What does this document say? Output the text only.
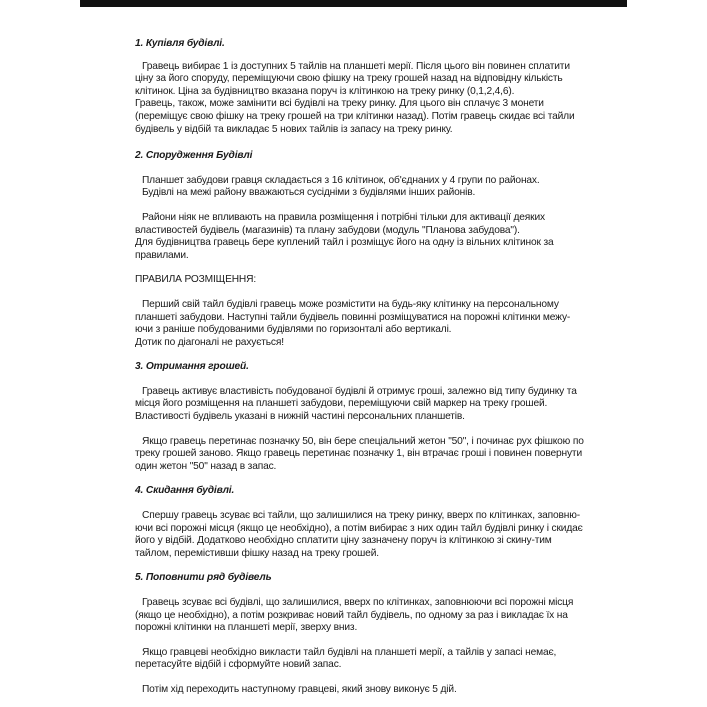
1. Купівля будівлі.

Гравець вибирає 1 із доступних 5 тайлів на планшеті мерії. Після цього він повинен сплатити ціну за його споруду, переміщуючи свою фішку на треку грошей назад на відповідну кількість клітинок. Ціна за будівництво вказана поруч із клітинкою на треку ринку (0,1,2,4,6).

Гравець, також, може замінити всі будівлі на треку ринку. Для цього він сплачує 3 монети (переміщує свою фішку на треку грошей на три клітинки назад). Потім гравець скидає всі тайли будівель у відбій та викладає 5 нових тайлів із запасу на треку ринку.

2. Спорудження Будівлі

Планшет забудови гравця складається з 16 клітинок, об'єднаних у 4 групи по районах.

Будівлі на межі району вважаються сусідніми з будівлями інших районів.

Райони ніяк не впливають на правила розміщення і потрібні тільки для активації деяких властивостей будівель (магазинів) та плану забудови (модуль "Планова забудова").

Для будівництва гравець бере куплений тайл і розміщує його на одну із вільних клітинок за правилами.

ПРАВИЛА РОЗМІЩЕННЯ:

Перший свій тайл будівлі гравець може розмістити на будь-яку клітинку на персональному планшеті забудови. Наступні тайли будівель повинні розміщуватися на порожні клітинки межу-ючи з раніше побудованими будівлями по горизонталі або вертикалі.

Дотик по діагоналі не рахується!

3. Отримання грошей.

Гравець активує властивість побудованої будівлі й отримує гроші, залежно від типу будинку та місця його розміщення на планшеті забудови, переміщуючи свій маркер на треку грошей. Властивості будівель указані в нижній частині персональних планшетів.

Якщо гравець перетинає позначку 50, він бере спеціальний жетон "50", і починає рух фішкою по треку грошей заново. Якщо гравець перетинає позначку 1, він втрачає гроші і повинен повернути один жетон "50" назад в запас.

4. Скидання будівлі.

Спершу гравець зсуває всі тайли, що залишилися на треку ринку, вверх по клітинках, заповню-ючи всі порожні місця (якщо це необхідно), а потім вибирає з них один тайл будівлі ринку і скидає його у відбій. Додатково необхідно сплатити ціну зазначену поруч із клітинкою зі скину-тим тайлом, перемістивши фішку назад на треку грошей.

5. Поповнити ряд будівель

Гравець зсуває всі будівлі, що залишилися, вверх по клітинках, заповнюючи всі порожні місця (якщо це необхідно), а потім розкриває новий тайл будівель, по одному за раз і викладає їх на порожні клітинки на планшеті мерії, зверху вниз.

Якщо гравцеві необхідно викласти тайл будівлі на планшеті мерії, а тайлів у запасі немає, перетасуйте відбій і сформуйте новий запас.

Потім хід переходить наступному гравцеві, який знову виконує 5 дій.
